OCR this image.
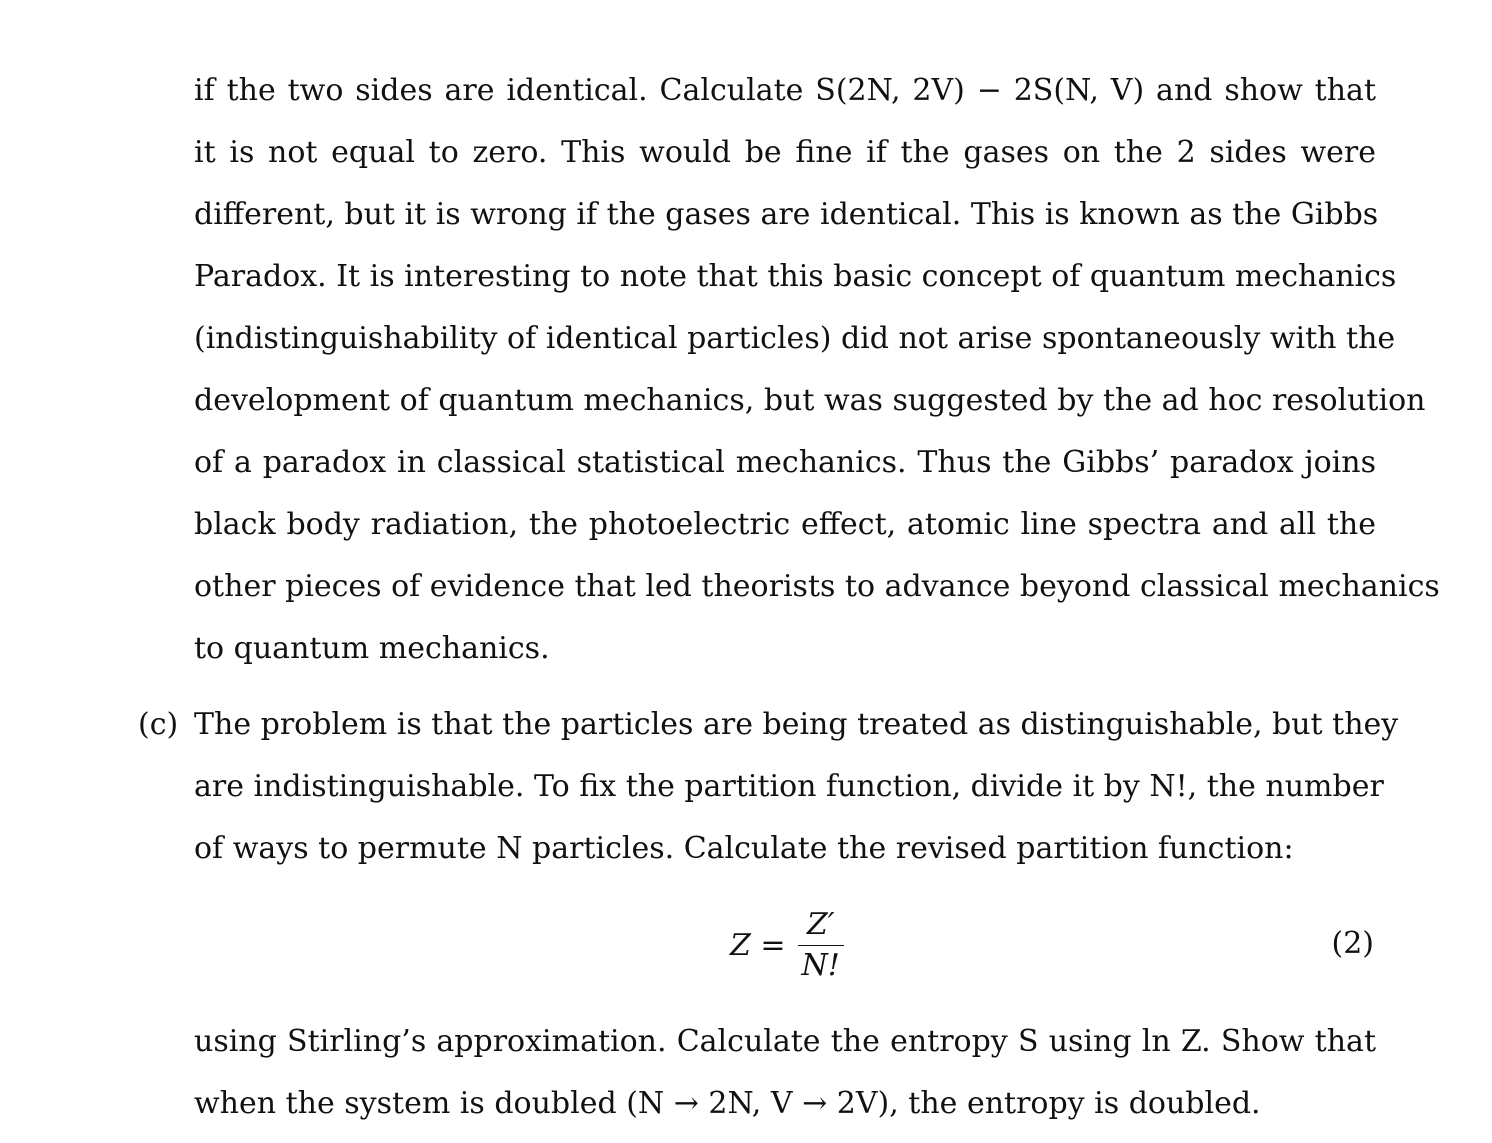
if the two sides are identical. Calculate S(2N, 2V) − 2S(N, V) and show that
it is not equal to zero. This would be fine if the gases on the 2 sides were
different, but it is wrong if the gases are identical. This is known as the Gibbs
Paradox. It is interesting to note that this basic concept of quantum mechanics
(indistinguishability of identical particles) did not arise spontaneously with the
development of quantum mechanics, but was suggested by the ad hoc resolution
of a paradox in classical statistical mechanics. Thus the Gibbs’ paradox joins
black body radiation, the photoelectric effect, atomic line spectra and all the
other pieces of evidence that led theorists to advance beyond classical mechanics
to quantum mechanics.
(c) The problem is that the particles are being treated as distinguishable, but they
are indistinguishable. To fix the partition function, divide it by N!, the number
of ways to permute N particles. Calculate the revised partition function:
$Z = \frac{Z'}{N!}$	(2)
using Stirling’s approximation. Calculate the entropy S using ln Z. Show that
when the system is doubled (N → 2N, V → 2V), the entropy is doubled.
